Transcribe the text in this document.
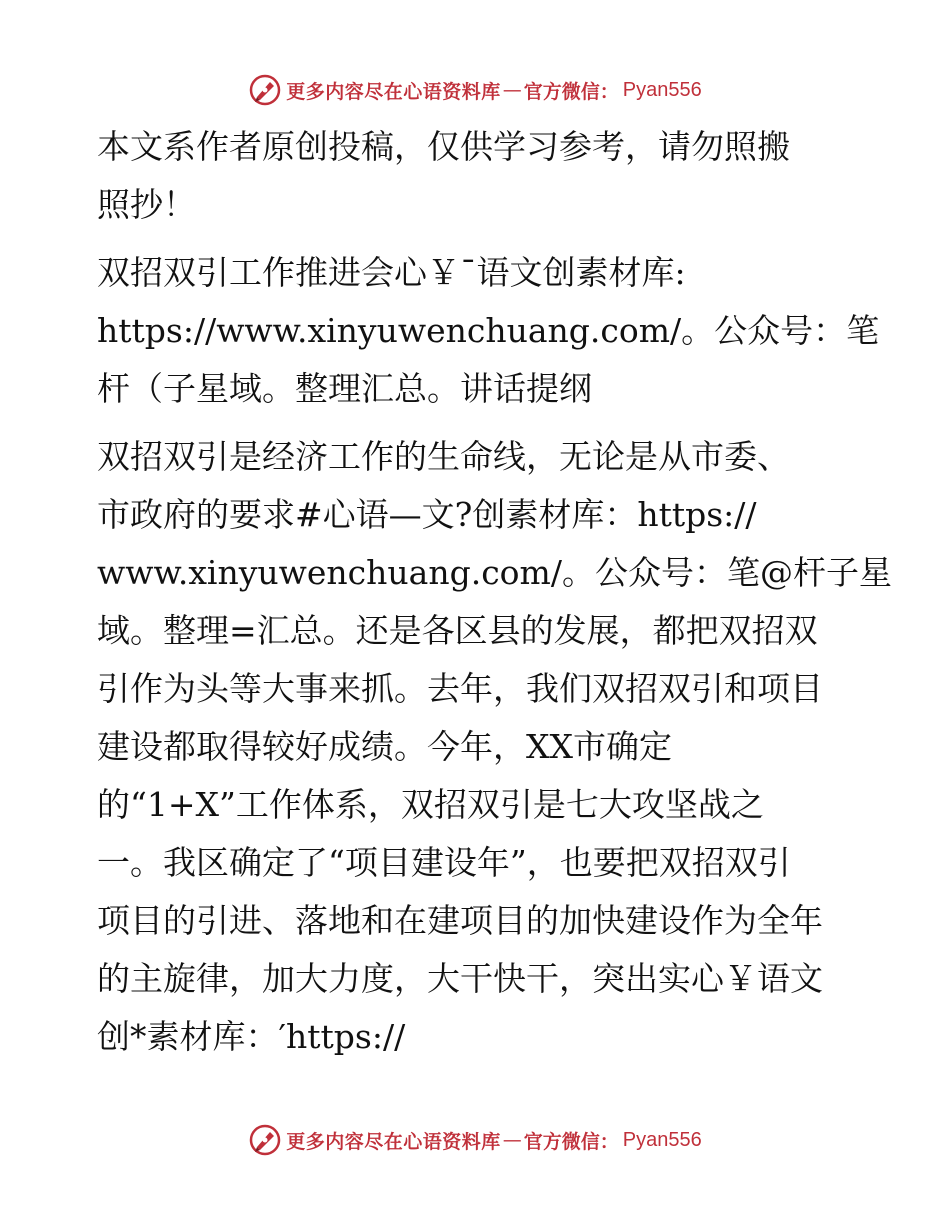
更多内容尽在心语资料库 — 官方微信： Pyan556
本文系作者原创投稿，仅供学习参考，请勿照搬
照抄！
双招双引工作推进会心￥¯语文创素材库:
https://www.xinyuwenchuang.com/。公众号：笔
杆（子星域。整理汇总。讲话提纲
双招双引是经济工作的生命线，无论是从市委、
市政府的要求#心语—文?创素材库：https://
www.xinyuwenchuang.com/。公众号：笔@杆子星
域。整理=汇总。还是各区县的发展，都把双招双
引作为头等大事来抓。去年，我们双招双引和项目
建设都取得较好成绩。今年，XX市确定
的“1+X”工作体系，双招双引是七大攻坚战之
一。我区确定了“项目建设年”，也要把双招双引
项目的引进、落地和在建项目的加快建设作为全年
的主旋律，加大力度，大干快干，突出实心￥语文
创*素材库：′https://
更多内容尽在心语资料库 — 官方微信： Pyan556
